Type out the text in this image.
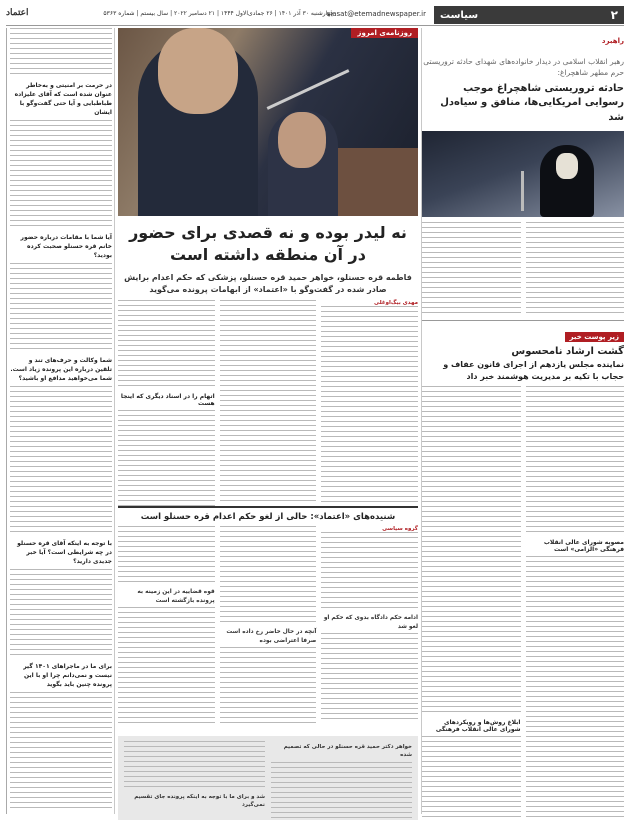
۲
سیاست
siasat@etemadnewspaper.ir
چهارشنبه ۳۰ آذر ۱۴۰۱ | ۲۶ جمادی‌الاول ۱۴۴۴ | ۲۱ دسامبر ۲۰۲۲ | سال بیستم | شماره ۵۳۶۳
اعتماد
راهبرد
رهبر انقلاب اسلامی در دیدار خانواده‌های شهدای حادثه تروریستی حرم مطهر شاهچراغ:
حادثه تروریستی شاهچراغ موجب رسوایی امریکایی‌ها، منافق و سیاه‌دل شد
زیر پوست خبر
گشت ارشاد نامحسوس
نماینده مجلس یازدهم از اجرای قانون عفاف و حجاب با تکیه بر مدیریت هوشمند خبر داد
مصوبه شورای عالی انقلاب فرهنگی «الزامی» است
ابلاغ روش‌ها و رویکردهای شورای عالی انقلاب فرهنگی
در حرمت بر امنیتی و به‌خاطر عنوان شده است که آقای علیزاده طباطبایی و آیا حتی گفت‌وگو با ایشان
آیا شما با مقامات درباره حضور خانم قره حسنلو صحبت کرده بودید؟
شما وکالت و حرف‌های تند و تلقین درباره این پرونده زیاد است. شما می‌خواهید مدافع او باشید؟
با توجه به اینکه آقای قره حسنلو در چه شرایطی است؟ آیا خبر جدیدی دارید؟
برای ما در ماجراهای ۱۴۰۱ گیر نیست و نمی‌دانم چرا او با این پرونده چنین باید بگوید
روزنامه‌ی امروز
نه لیدر بوده و نه قصدی برای حضور در آن منطقه داشته است
فاطمه قره حسنلو، خواهر حمید قره حسنلو، پزشکی که حکم اعدام برایش صادر شده در گفت‌وگو با «اعتماد» از ابهامات پرونده می‌گوید
مهدی بیگ‌اوغلی
اتهام را در اسناد دیگری که اینجا هست
شنیده‌های «اعتماد»: حالی از لغو حکم اعدام قره حسنلو است
گروه سیاسی
ادامه حکم دادگاه بدوی که حکم او لغو شد
آنچه در حال حاضر رخ داده است صرفا اعتراضی بوده
قوه قضاییه در این زمینه به پرونده بازگشته است
خواهر دکتر حمید قره حسنلو در حالی که تصمیم شده
شد و برای ما با توجه به اینکه پرونده جای تقسیم نمی‌گیرد
